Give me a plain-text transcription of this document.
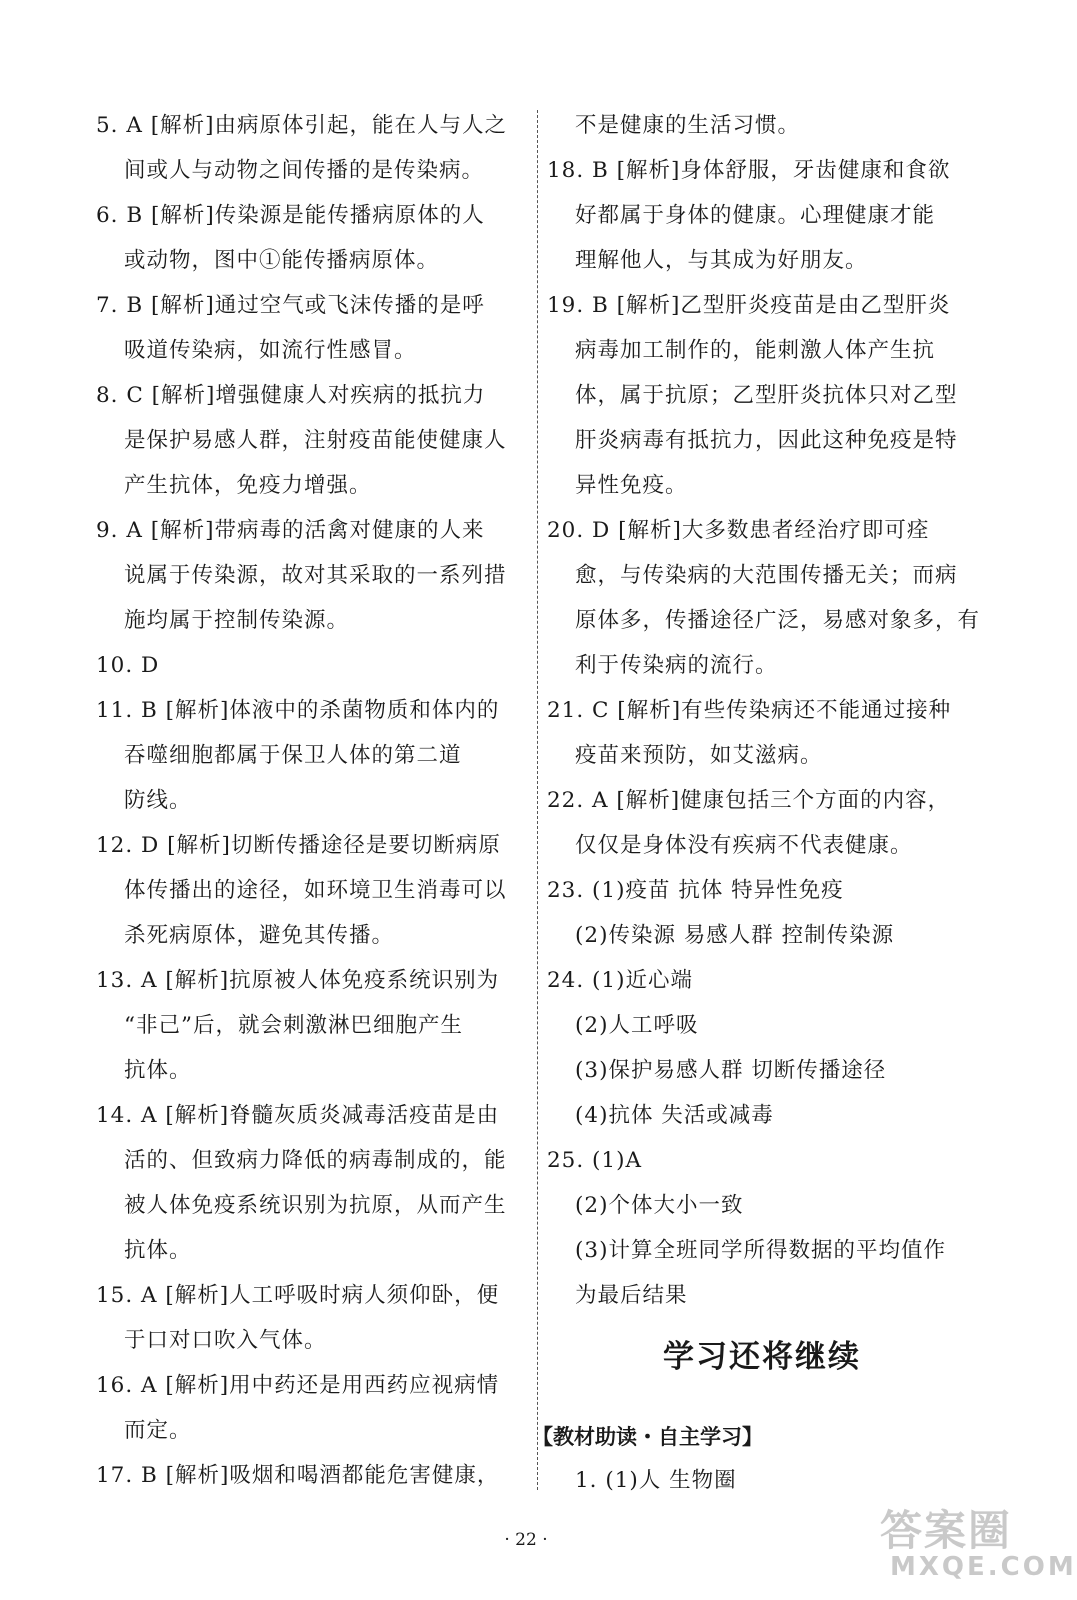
5. A [解析]由病原体引起，能在人与人之
间或人与动物之间传播的是传染病。
6. B [解析]传染源是能传播病原体的人
或动物，图中①能传播病原体。
7. B [解析]通过空气或飞沫传播的是呼
吸道传染病，如流行性感冒。
8. C [解析]增强健康人对疾病的抵抗力
是保护易感人群，注射疫苗能使健康人
产生抗体，免疫力增强。
9. A [解析]带病毒的活禽对健康的人来
说属于传染源，故对其采取的一系列措
施均属于控制传染源。
10. D
11. B [解析]体液中的杀菌物质和体内的
吞噬细胞都属于保卫人体的第二道
防线。
12. D [解析]切断传播途径是要切断病原
体传播出的途径，如环境卫生消毒可以
杀死病原体，避免其传播。
13. A [解析]抗原被人体免疫系统识别为
“非己”后，就会刺激淋巴细胞产生
抗体。
14. A [解析]脊髓灰质炎减毒活疫苗是由
活的、但致病力降低的病毒制成的，能
被人体免疫系统识别为抗原，从而产生
抗体。
15. A [解析]人工呼吸时病人须仰卧，便
于口对口吹入气体。
16. A [解析]用中药还是用西药应视病情
而定。
17. B [解析]吸烟和喝酒都能危害健康，
不是健康的生活习惯。
18. B [解析]身体舒服，牙齿健康和食欲
好都属于身体的健康。心理健康才能
理解他人，与其成为好朋友。
19. B [解析]乙型肝炎疫苗是由乙型肝炎
病毒加工制作的，能刺激人体产生抗
体，属于抗原；乙型肝炎抗体只对乙型
肝炎病毒有抵抗力，因此这种免疫是特
异性免疫。
20. D [解析]大多数患者经治疗即可痊
愈，与传染病的大范围传播无关；而病
原体多，传播途径广泛，易感对象多，有
利于传染病的流行。
21. C [解析]有些传染病还不能通过接种
疫苗来预防，如艾滋病。
22. A [解析]健康包括三个方面的内容，
仅仅是身体没有疾病不代表健康。
23. (1)疫苗 抗体 特异性免疫
(2)传染源 易感人群 控制传染源
24. (1)近心端
(2)人工呼吸
(3)保护易感人群 切断传播途径
(4)抗体 失活或减毒
25. (1)A
(2)个体大小一致
(3)计算全班同学所得数据的平均值作
为最后结果
学习还将继续
【教材助读・自主学习】
1. (1)人 生物圈
· 22 ·	答案圈
MXQE.COM
